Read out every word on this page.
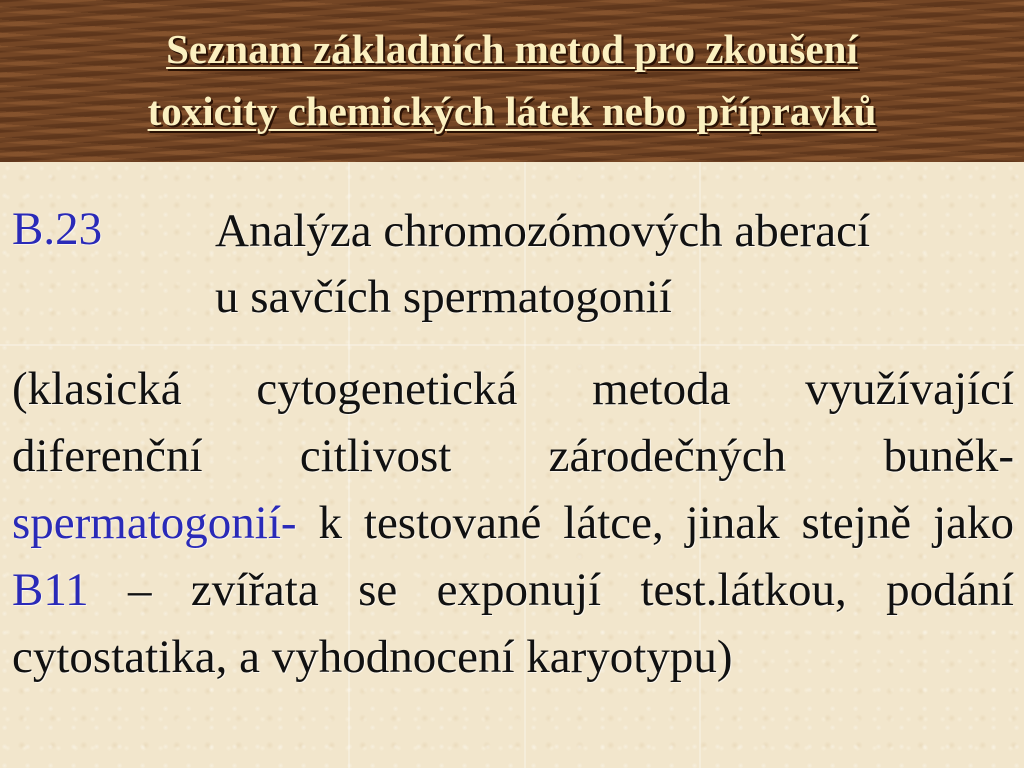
Seznam základních metod pro zkoušení
toxicity chemických látek nebo přípravků
B.23 Analýza chromozómových aberací
u savčích spermatogonií
(klasická cytogenetická metoda využívající diferenční citlivost zárodečných buněk- spermatogonií- k testované látce, jinak stejně jako B11 – zvířata se exponují test.látkou, podání cytostatika, a vyhodnocení karyotypu)
